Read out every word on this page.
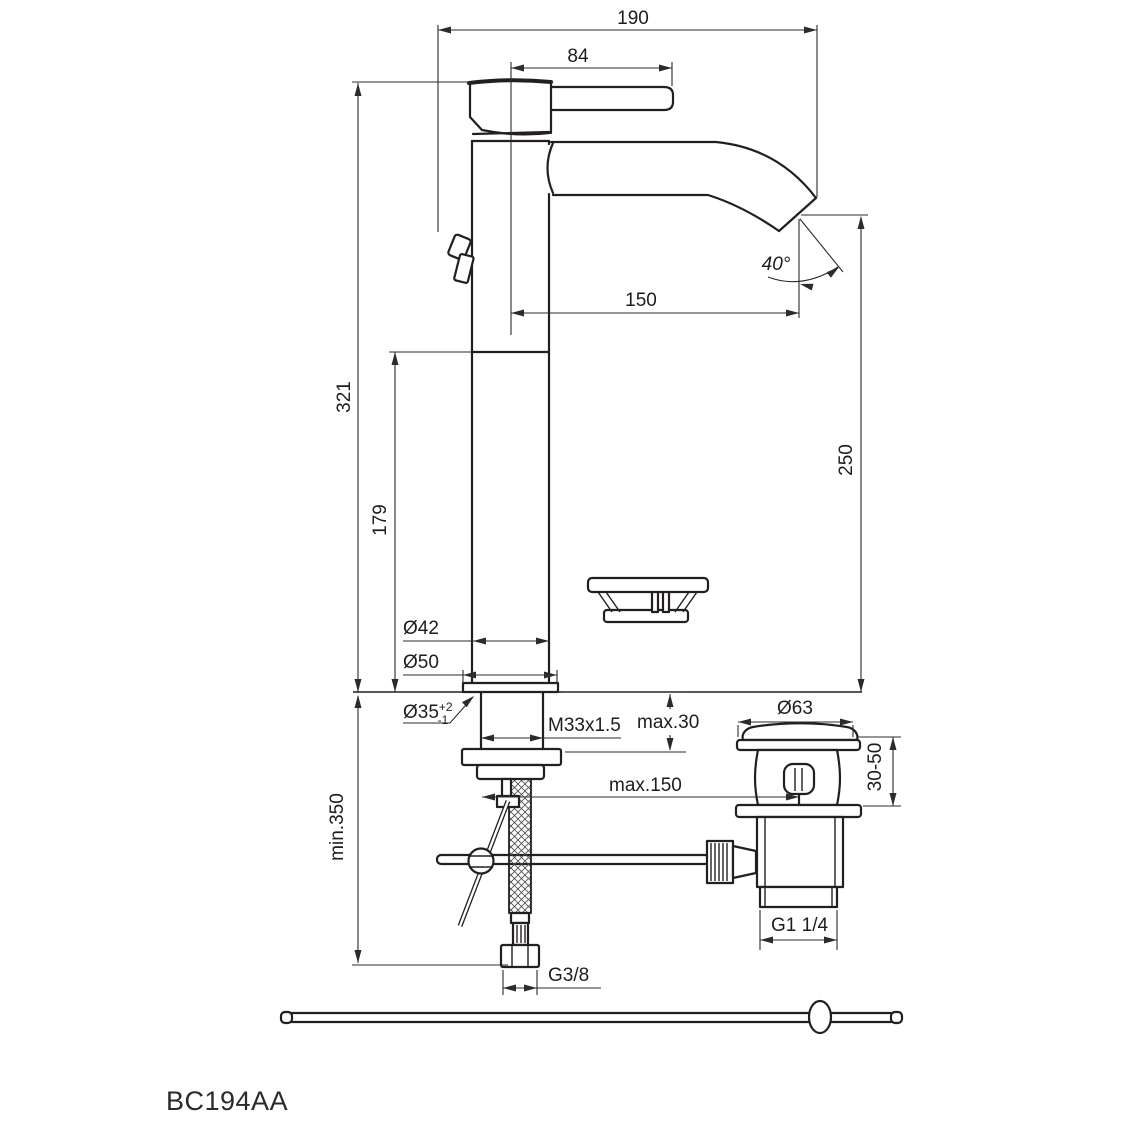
190
84
150
40°
321
179
250
min.350
Ø42
Ø50
$Ø35^{+2}$ -1	M33x1.5 max.30
max.150
Ø63
30-50
G1 1/4
G3/8
BC194AA
